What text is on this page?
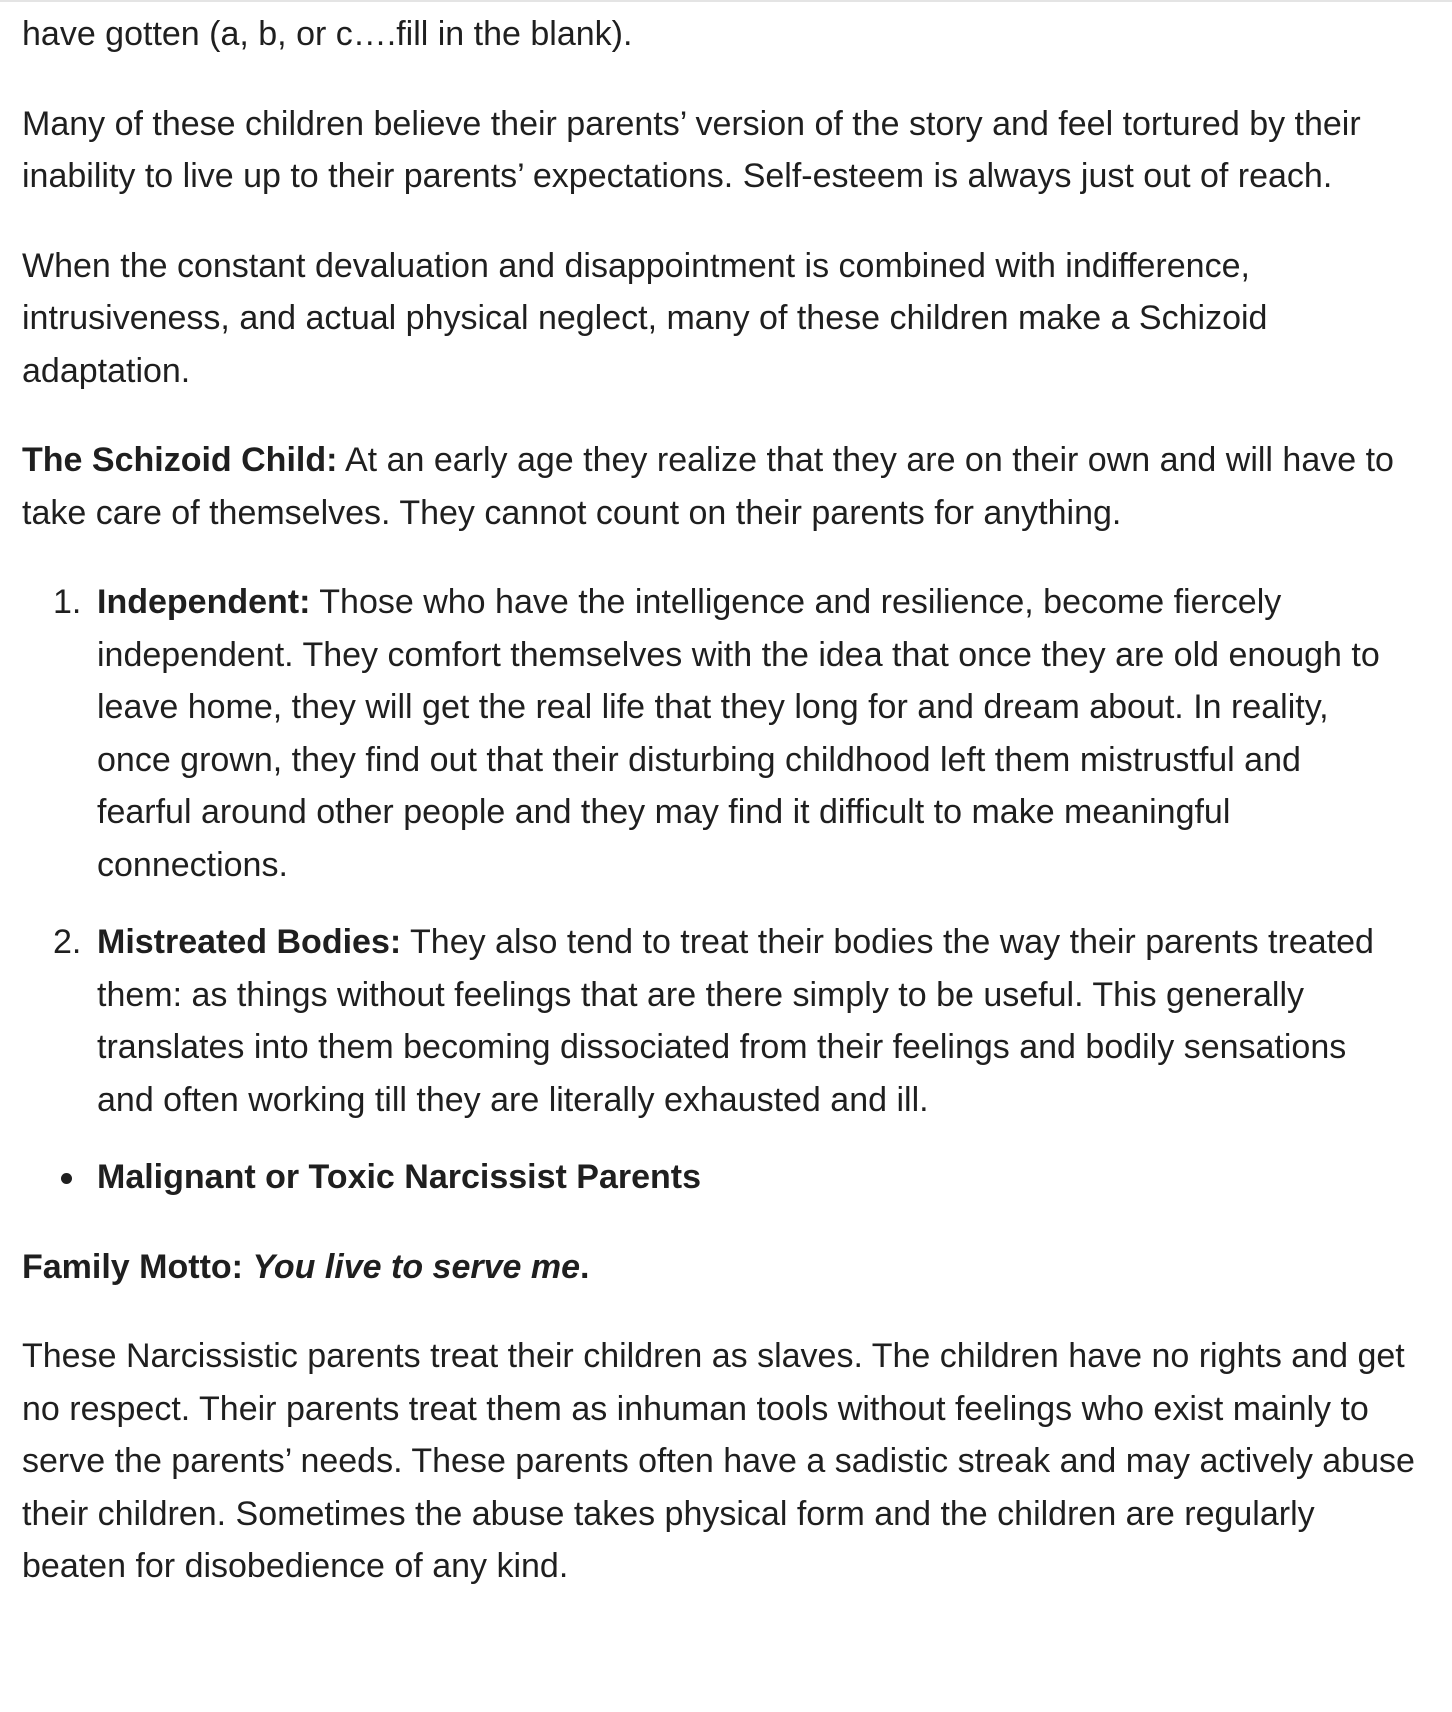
have gotten (a, b, or c….fill in the blank).

Many of these children believe their parents’ version of the story and feel tortured by their inability to live up to their parents’ expectations. Self-esteem is always just out of reach.

When the constant devaluation and disappointment is combined with indifference, intrusiveness, and actual physical neglect, many of these children make a Schizoid adaptation.

The Schizoid Child: At an early age they realize that they are on their own and will have to take care of themselves. They cannot count on their parents for anything.

1. Independent: Those who have the intelligence and resilience, become fiercely independent. They comfort themselves with the idea that once they are old enough to leave home, they will get the real life that they long for and dream about. In reality, once grown, they find out that their disturbing childhood left them mistrustful and fearful around other people and they may find it difficult to make meaningful connections.
2. Mistreated Bodies: They also tend to treat their bodies the way their parents treated them: as things without feelings that are there simply to be useful. This generally translates into them becoming dissociated from their feelings and bodily sensations and often working till they are literally exhausted and ill.
Malignant or Toxic Narcissist Parents

Family Motto: You live to serve me.

These Narcissistic parents treat their children as slaves. The children have no rights and get no respect. Their parents treat them as inhuman tools without feelings who exist mainly to serve the parents’ needs. These parents often have a sadistic streak and may actively abuse their children. Sometimes the abuse takes physical form and the children are regularly beaten for disobedience of any kind.
